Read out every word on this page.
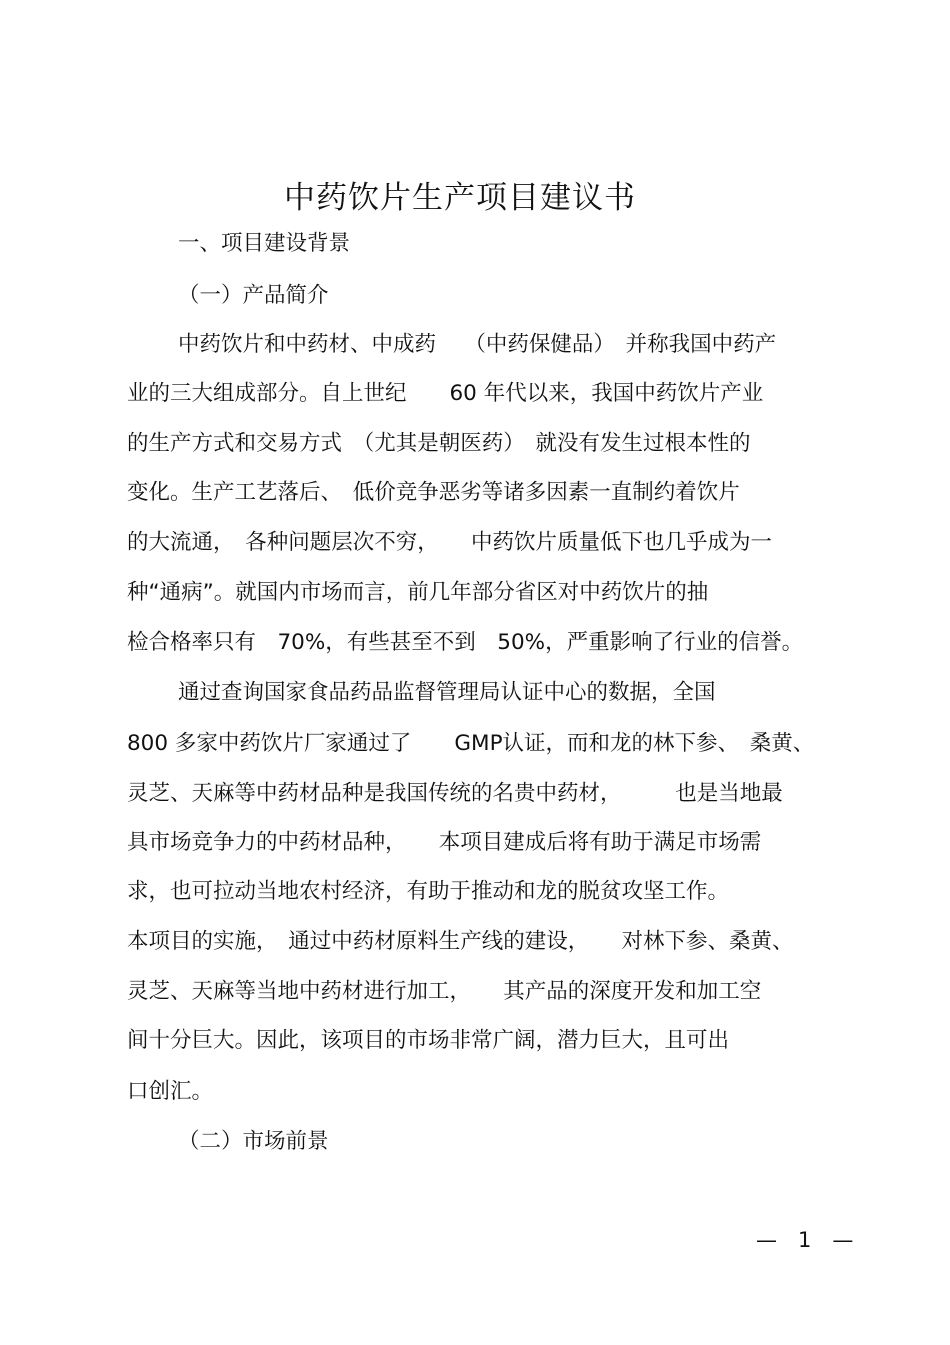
中药饮片生产项目建议书
一、项目建设背景
（一）产品简介
中药饮片和中药材、中成药　 （中药保健品）　并称我国中药产
业的三大组成部分。自上世纪　　60 年代以来，我国中药饮片产业
的生产方式和交易方式　（尤其是朝医药）　就没有发生过根本性的
变化。生产工艺落后、　低价竞争恶劣等诸多因素一直制约着饮片
的大流通，　各种问题层次不穷，　　中药饮片质量低下也几乎成为一
种“通病”。就国内市场而言，前几年部分省区对中药饮片的抽
检合格率只有　70%，有些甚至不到　50%，严重影响了行业的信誉。
通过查询国家食品药品监督管理局认证中心的数据，全国
800 多家中药饮片厂家通过了　　GMP认证，而和龙的林下参、　桑黄、
灵芝、天麻等中药材品种是我国传统的名贵中药材，　　　也是当地最
具市场竞争力的中药材品种，　　本项目建成后将有助于满足市场需
求，也可拉动当地农村经济，有助于推动和龙的脱贫攻坚工作。
本项目的实施，　通过中药材原料生产线的建设，　　对林下参、桑黄、
灵芝、天麻等当地中药材进行加工，　　其产品的深度开发和加工空
间十分巨大。因此，该项目的市场非常广阔，潜力巨大，且可出
口创汇。
（二）市场前景
—　1　—
